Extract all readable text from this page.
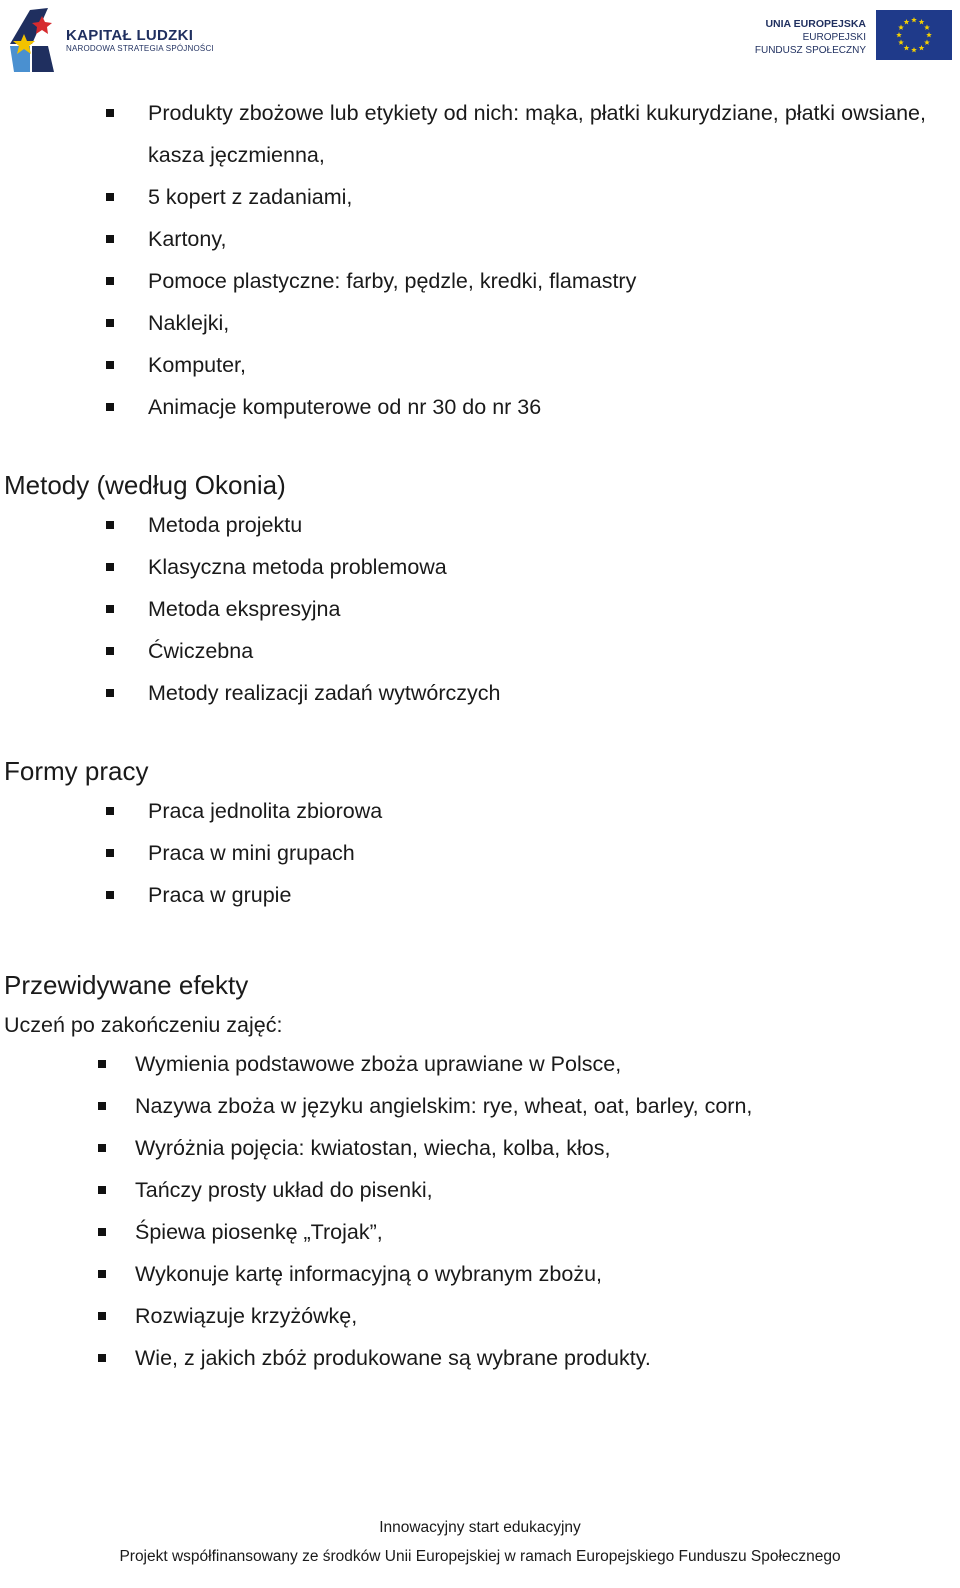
KAPITAŁ LUDZKI
NARODOWA STRATEGIA SPÓJNOŚCI
UNIA EUROPEJSKA
EUROPEJSKI
FUNDUSZ SPOŁECZNY
Produkty zbożowe lub etykiety od nich: mąka, płatki kukurydziane, płatki owsiane, kasza jęczmienna,
5 kopert z zadaniami,
Kartony,
Pomoce plastyczne: farby, pędzle, kredki, flamastry
Naklejki,
Komputer,
Animacje komputerowe od nr 30 do nr 36
Metody (według Okonia)
Metoda projektu
Klasyczna metoda problemowa
Metoda ekspresyjna
Ćwiczebna
Metody realizacji zadań wytwórczych
Formy pracy
Praca jednolita zbiorowa
Praca w mini grupach
Praca w grupie
Przewidywane efekty
Uczeń po zakończeniu zajęć:
Wymienia podstawowe zboża uprawiane w Polsce,
Nazywa zboża w języku angielskim: rye, wheat, oat, barley, corn,
Wyróżnia pojęcia: kwiatostan, wiecha, kolba, kłos,
Tańczy prosty układ do pisenki,
Śpiewa piosenkę „Trojak”,
Wykonuje kartę informacyjną o wybranym zbożu,
Rozwiązuje krzyżówkę,
Wie, z jakich zbóż produkowane są wybrane produkty.
Innowacyjny start edukacyjny
Projekt współfinansowany ze środków Unii Europejskiej w ramach Europejskiego Funduszu Społecznego
